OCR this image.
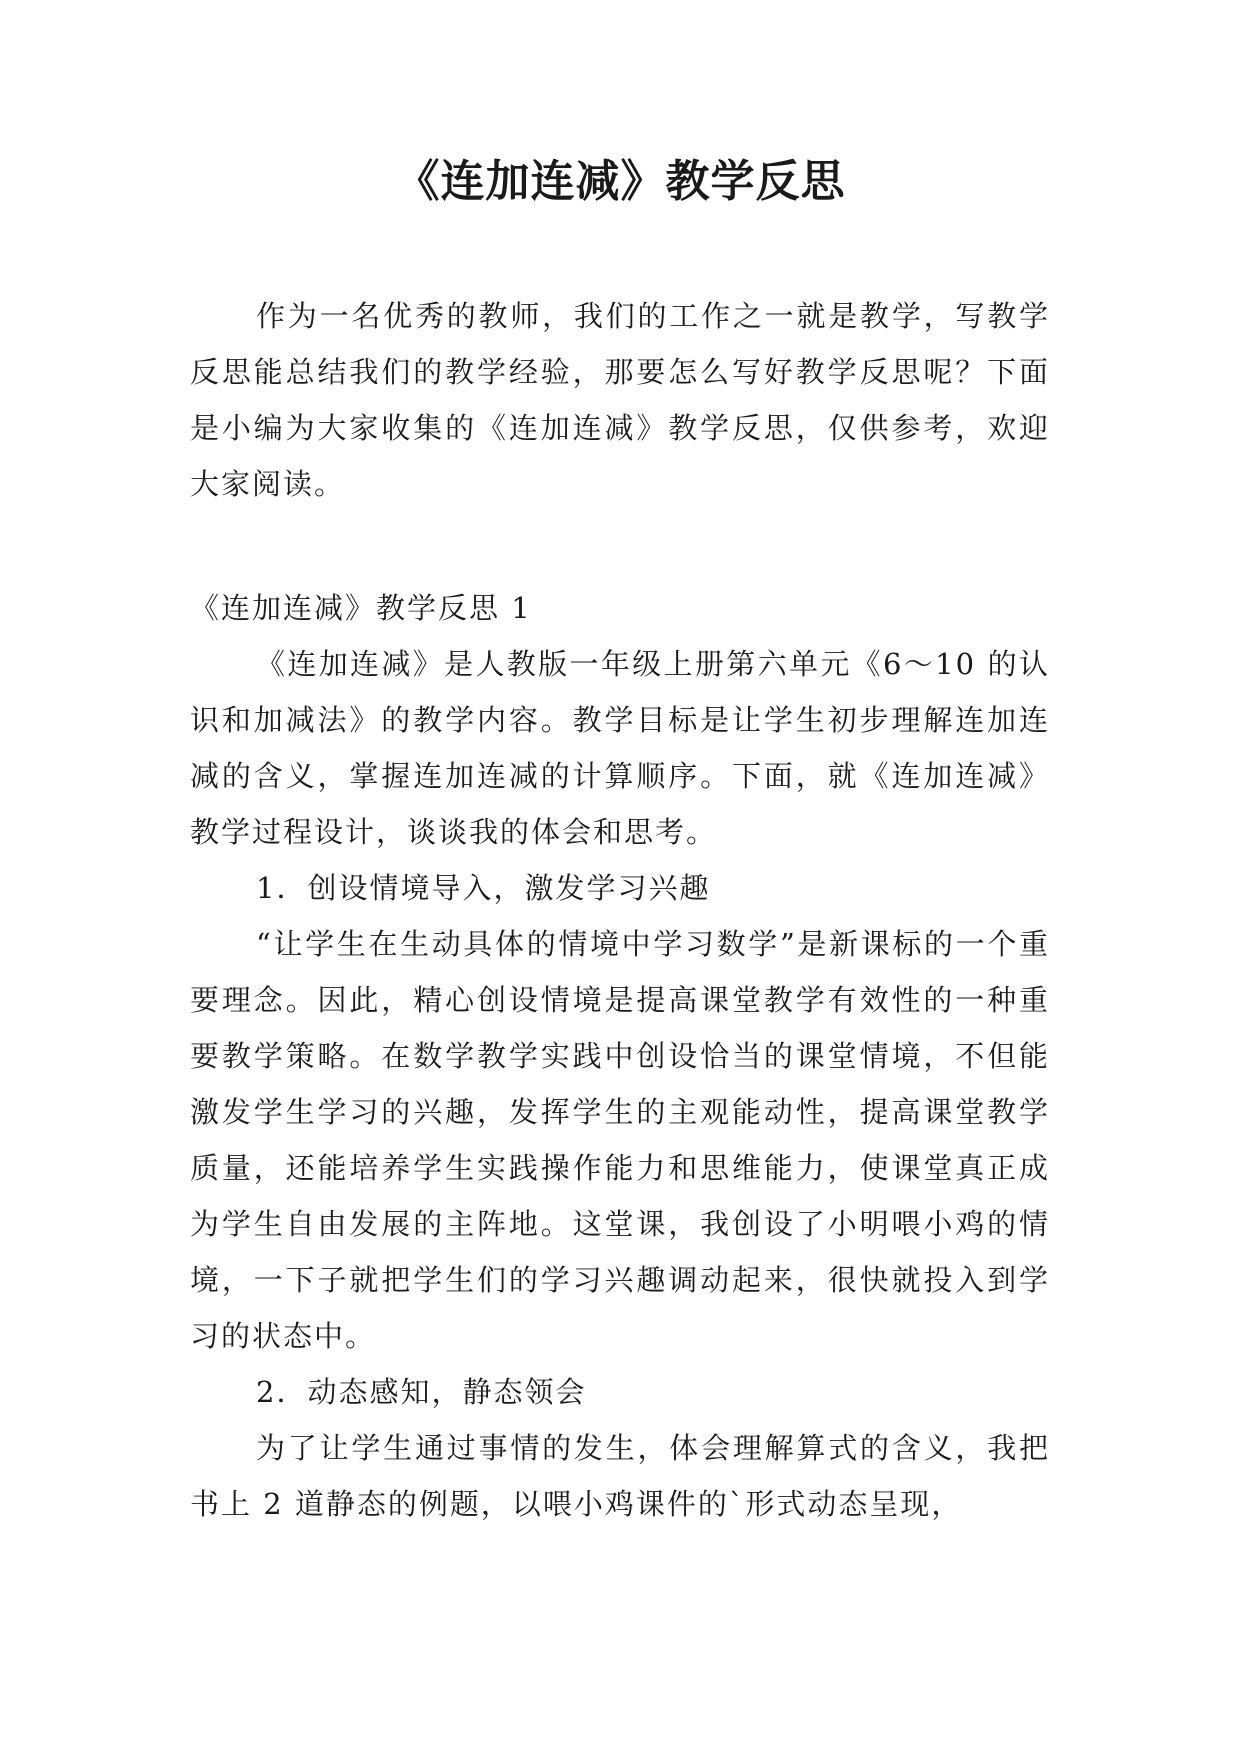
《连加连减》教学反思

作为一名优秀的教师，我们的工作之一就是教学，写教学反思能总结我们的教学经验，那要怎么写好教学反思呢？下面是小编为大家收集的《连加连减》教学反思，仅供参考，欢迎大家阅读。

《连加连减》教学反思 1

《连加连减》是人教版一年级上册第六单元《6～10 的认识和加减法》的教学内容。教学目标是让学生初步理解连加连减的含义，掌握连加连减的计算顺序。下面，就《连加连减》教学过程设计，谈谈我的体会和思考。

1．创设情境导入，激发学习兴趣

“让学生在生动具体的情境中学习数学”是新课标的一个重要理念。因此，精心创设情境是提高课堂教学有效性的一种重要教学策略。在数学教学实践中创设恰当的课堂情境，不但能激发学生学习的兴趣，发挥学生的主观能动性，提高课堂教学质量，还能培养学生实践操作能力和思维能力，使课堂真正成为学生自由发展的主阵地。这堂课，我创设了小明喂小鸡的情境，一下子就把学生们的学习兴趣调动起来，很快就投入到学习的状态中。

2．动态感知，静态领会

为了让学生通过事情的发生，体会理解算式的含义，我把书上 2 道静态的例题，以喂小鸡课件的`形式动态呈现，
